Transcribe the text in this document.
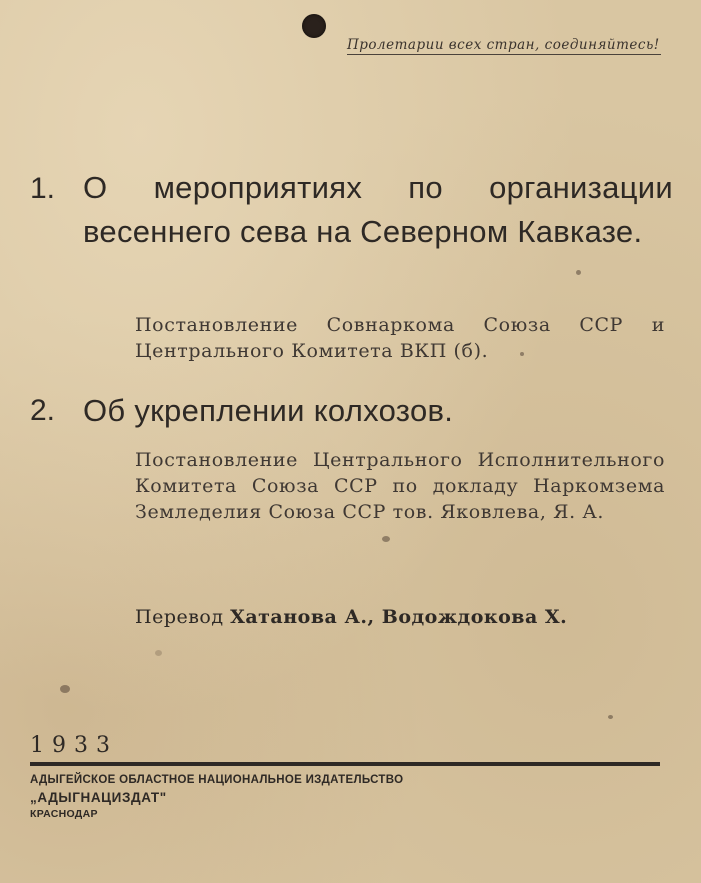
Пролетарии всех стран, соединяйтесь!
1. О мероприятиях по организации весеннего сева на Северном Кавказе.
Постановление Совнаркома Союза ССР и Центрального Комитета ВКП (б).
2. Об укреплении колхозов.
Постановление Центрального Исполнительного Комитета Союза ССР по докладу Наркомзема Земледелия Союза ССР тов. Яковлева, Я. А.
Перевод Хатанова А., Водождокова Х.
1933
АДЫГЕЙСКОЕ ОБЛАСТНОЕ НАЦИОНАЛЬНОЕ ИЗДАТЕЛЬСТВО
„АДЫГНАЦИЗДАТ"
КРАСНОДАР
